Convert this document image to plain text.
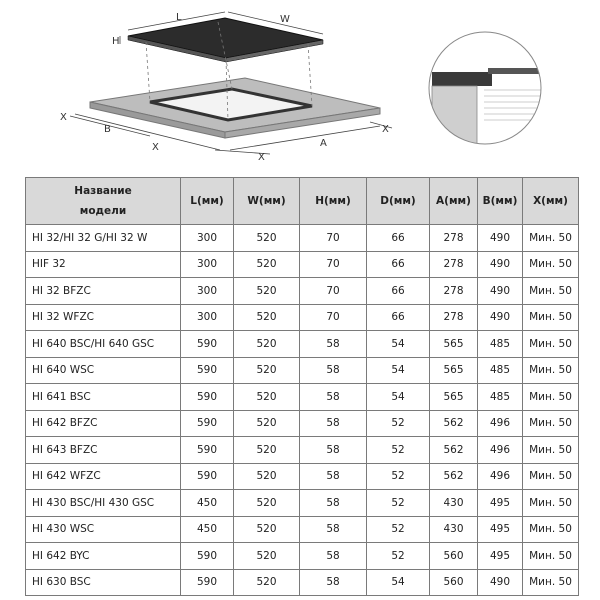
L	W
H
X
B
X
X
A
X
Название
модели	L(мм)	W(мм)	H(мм)	D(мм)	A(мм)	B(мм)	X(мм)
HI 32/HI 32 G/HI 32 W	300	520	70	66	278	490	Мин. 50
HIF 32	300	520	70	66	278	490	Мин. 50
HI 32 BFZC	300	520	70	66	278	490	Мин. 50
HI 32 WFZC	300	520	70	66	278	490	Мин. 50
HI 640 BSC/HI 640 GSC	590	520	58	54	565	485	Мин. 50
HI 640 WSC	590	520	58	54	565	485	Мин. 50
HI 641 BSC	590	520	58	54	565	485	Мин. 50
HI 642 BFZC	590	520	58	52	562	496	Мин. 50
HI 643 BFZC	590	520	58	52	562	496	Мин. 50
HI 642 WFZC	590	520	58	52	562	496	Мин. 50
HI 430 BSC/HI 430 GSC	450	520	58	52	430	495	Мин. 50
HI 430 WSC	450	520	58	52	430	495	Мин. 50
HI 642 BYC	590	520	58	52	560	495	Мин. 50
HI 630 BSC	590	520	58	54	560	490	Мин. 50
